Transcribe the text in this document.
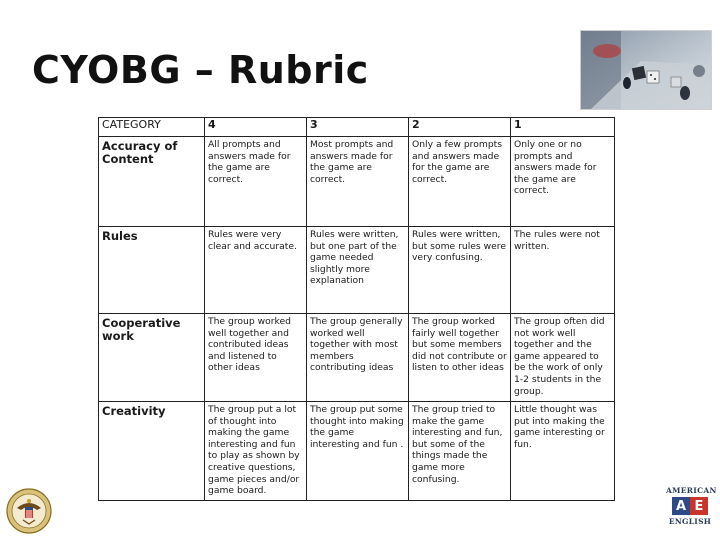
CYOBG – Rubric
CATEGORY	4	3	2	1
Accuracy of Content	All prompts and answers made for the game are correct.	Most prompts and answers made for the game are correct.	Only a few prompts and answers made for the game are correct.	Only one or no prompts and answers made for the game are correct.
Rules	Rules were very clear and accurate.	Rules were written, but one part of the game needed slightly more explanation	Rules were written, but some rules were very confusing.	The rules were not written.
Cooperative work	The group worked well together and contributed ideas and listened to other ideas	The group generally worked well together with most members contributing ideas	The group worked fairly well together but some members did not contribute or listen to other ideas	The group often did not work well together and the game appeared to be the work of only 1-2 students in the group.
Creativity	The group put a lot of thought into making the game interesting and fun to play as shown by creative questions, game pieces and/or game board.	The group put some thought into making the game interesting and fun .	The group tried to make the game interesting and fun, but some of the things made the game more confusing.	Little thought was put into making the game interesting or fun.
AMERICAN
A E
ENGLISH
